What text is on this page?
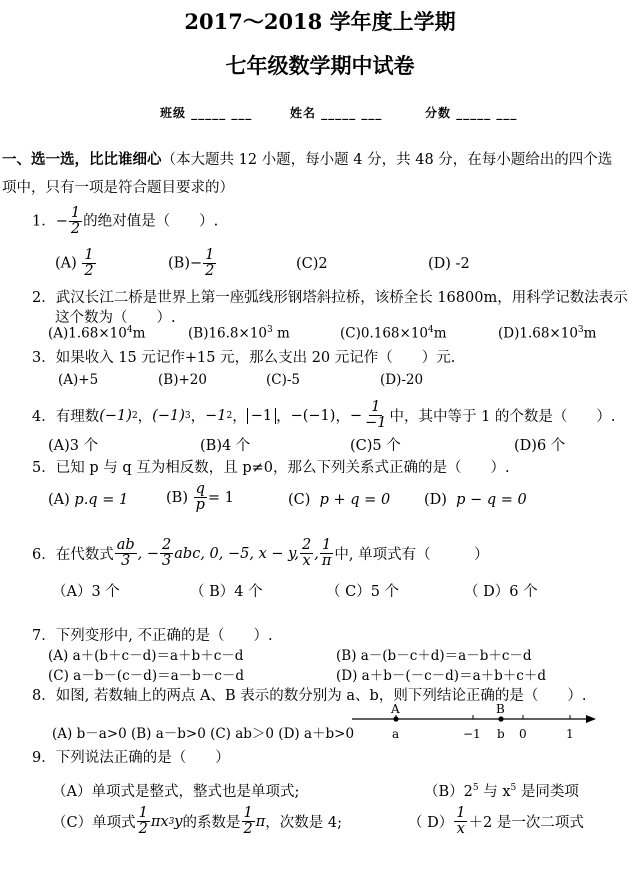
2017～2018 学年度上学期
七年级数学期中试卷
班级 _____ ___	姓名 _____ ___	分数 _____ ___
一、选一选，比比谁细心（本大题共 12 小题，每小题 4 分，共 48 分，在每小题给出的四个选
项中，只有一项是符合题目要求的）
1．− $\frac{1}{2}$ 的绝对值是（　　）.
$(A) \frac{1}{2}$	$(B)- \frac{1}{2}$	(C)2	(D) -2
2．武汉长江二桥是世界上第一座弧线形钢塔斜拉桥，该桥全长 16800m，用科学记数法表示
这个数为（　　）.
$(A)1.68\times 10^4m$	$(B)16.8\times 10^3$ m	$(C)0.168\times 10^4m$	$(D)1.68\times 10^3m$
3．如果收入 15 元记作+15 元，那么支出 20 元记作（　　）元.
(A)+5	(B)+20	(C)-5	(D)-20
4．有理数 (−1) 2 ， (−1) 3 ， −1 2 ， −1 ， −(−1) ， − $\frac{1}{-1}$ 中，其中等于 1 的个数是（　　）.
(A)3 个	(B)4 个	(C)5 个	(D)6 个
5．已知 p 与 q 互为相反数，且 p≠0，那么下列关系式正确的是（　　）.
(A) p.q = 1	(B)
$\frac{q}{p} = 1$	(C) p + q = 0 (D) p − q = 0
6．在代数式 $\frac{ab}{3}$ , − $\frac{2}{3}$ abc, 0, −5, x − y, $\frac{2}{x}$ , $\frac{1}{\pi}$ 中, 单项式有（　　　）
（A）3 个	（ B）4 个	（ C）5 个	（ D）6 个
7．下列变形中, 不正确的是（　　）.
(A) a＋(b＋c－d)＝a＋b＋c－d	(B) a－(b－c＋d)＝a－b＋c－d
(C) a－b－(c－d)＝a－b－c－d	(D) a＋b－(－c－d)＝a＋b＋c＋d
8．如图, 若数轴上的两点 A、B 表示的数分别为 a、b，则下列结论正确的是（　　）.
(A) b－a>0 (B) a－b>0 (C) ab＞0 (D) a＋b>0
A	B
a	−1	0
b	1
9．下列说法正确的是（　　）
（A）单项式是整式，整式也是单项式;	$(B)2^5$ 与 $x^5$ 是同类项
（C）单项式 $\frac{1}{2}$ πx 3 y 的系数是 $\frac{1}{2}$ π ，次数是 4;	（ $D) \frac{1}{x} +2$ 是一次二项式
